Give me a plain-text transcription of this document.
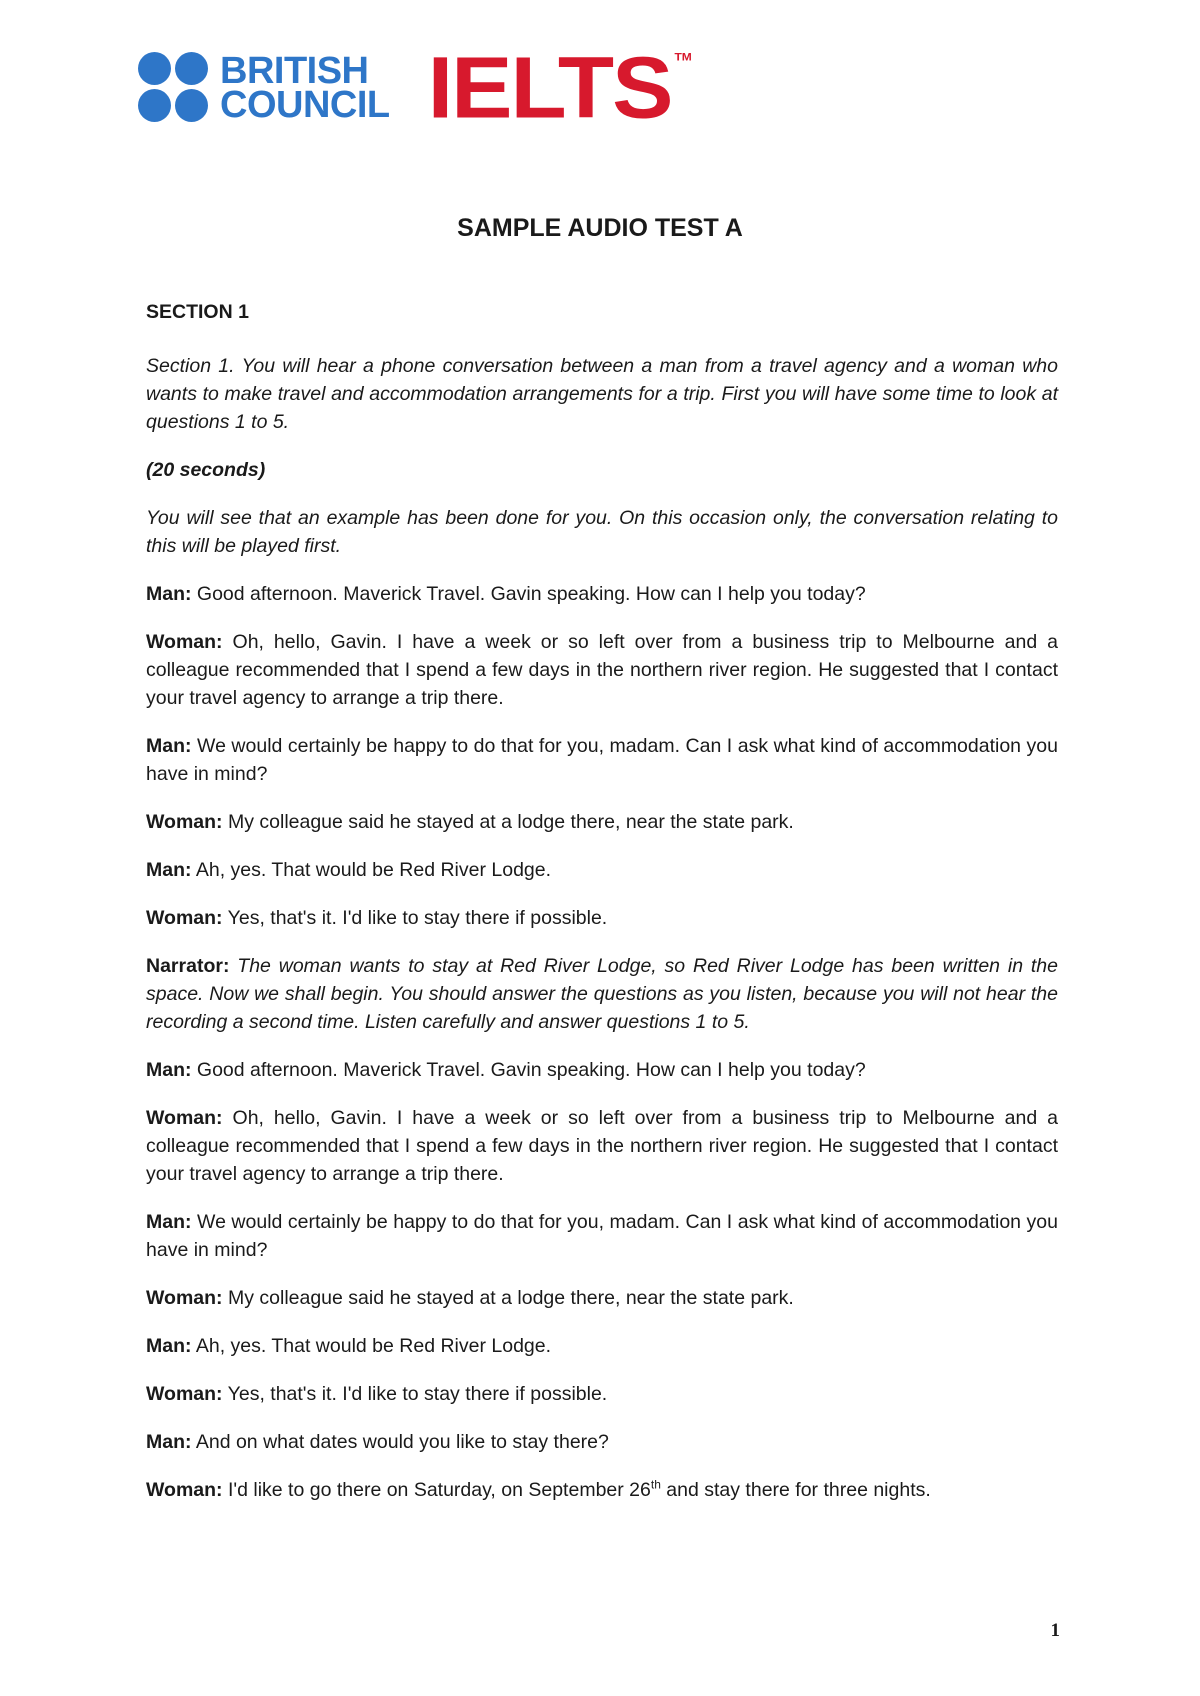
BRITISH
COUNCIL IELTS TM
SAMPLE AUDIO TEST A

SECTION 1

Section 1. You will hear a phone conversation between a man from a travel agency and a woman who wants to make travel and accommodation arrangements for a trip. First you will have some time to look at questions 1 to 5.

(20 seconds)

You will see that an example has been done for you. On this occasion only, the conversation relating to this will be played first.

Man: Good afternoon. Maverick Travel. Gavin speaking. How can I help you today?

Woman: Oh, hello, Gavin. I have a week or so left over from a business trip to Melbourne and a colleague recommended that I spend a few days in the northern river region. He suggested that I contact your travel agency to arrange a trip there.

Man: We would certainly be happy to do that for you, madam. Can I ask what kind of accommodation you have in mind?

Woman: My colleague said he stayed at a lodge there, near the state park.

Man: Ah, yes. That would be Red River Lodge.

Woman: Yes, that's it. I'd like to stay there if possible.

Narrator: The woman wants to stay at Red River Lodge, so Red River Lodge has been written in the space. Now we shall begin. You should answer the questions as you listen, because you will not hear the recording a second time. Listen carefully and answer questions 1 to 5.

Man: Good afternoon. Maverick Travel. Gavin speaking. How can I help you today?

Woman: Oh, hello, Gavin. I have a week or so left over from a business trip to Melbourne and a colleague recommended that I spend a few days in the northern river region. He suggested that I contact your travel agency to arrange a trip there.

Man: We would certainly be happy to do that for you, madam. Can I ask what kind of accommodation you have in mind?

Woman: My colleague said he stayed at a lodge there, near the state park.

Man: Ah, yes. That would be Red River Lodge.

Woman: Yes, that's it. I'd like to stay there if possible.

Man: And on what dates would you like to stay there?

Woman: I'd like to go there on Saturday, on September 26th and stay there for three nights.

1
